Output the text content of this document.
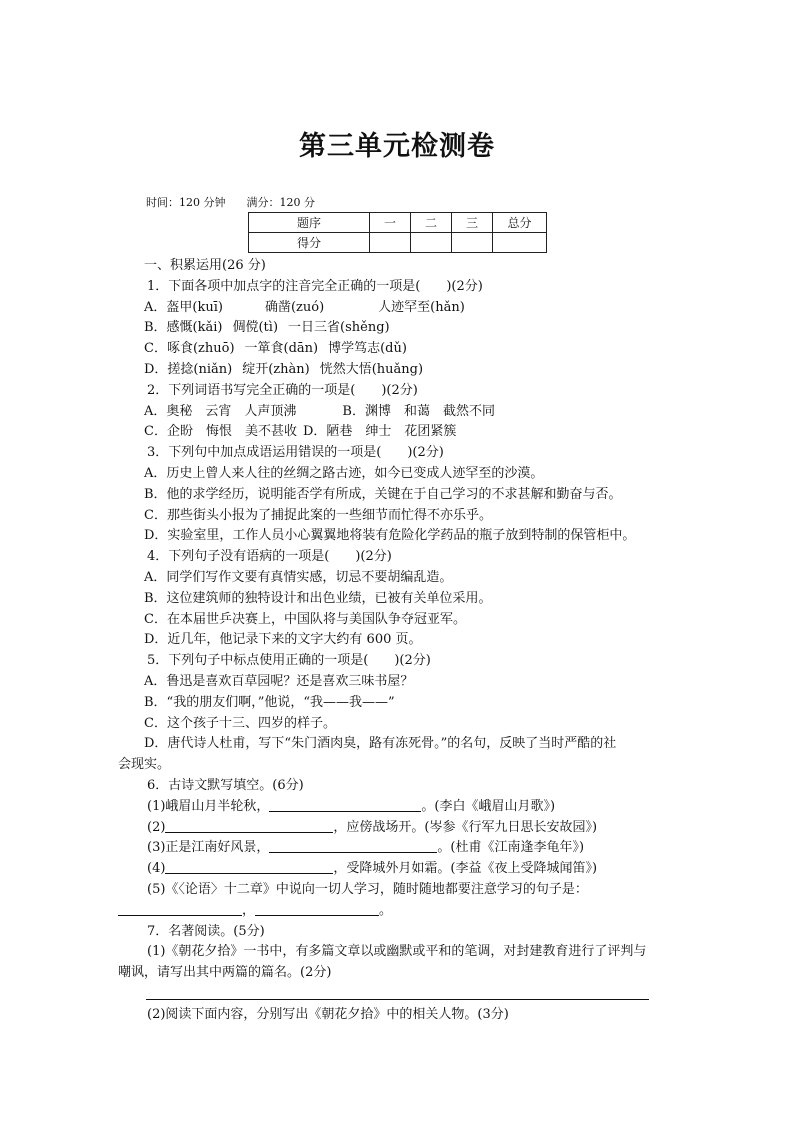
第三单元检测卷
时间：120 分钟 满分：120 分
题序	一	二	三	总分
得分				
一、积累运用(26 分)
1．下面各项中加点字的注音完全正确的一项是(　　)(2分)
A．盔甲(kuī)	确凿(zuó)	人迹罕至(hǎn)
B．感慨(kǎi) 倜傥(tì) 一日三省(shěng)
C．啄食(zhuō) 一箪食(dān) 博学笃志(dǔ)
D．搓捻(niǎn) 绽开(zhàn) 恍然大悟(huǎng)
2．下列词语书写完全正确的一项是(　　)(2分)
A．奥秘　云宵　人声顶沸	B．渊博　和蔼　截然不同
C．企盼　悔恨　美不甚收 D．陋巷　绅士　花团紧簇
3．下列句中加点成语运用错误的一项是(　　)(2分)
A．历史上曾人来人往的丝绸之路古迹，如今已变成人迹罕至的沙漠。
B．他的求学经历，说明能否学有所成，关键在于自己学习的不求甚解和勤奋与否。
C．那些街头小报为了捕捉此案的一些细节而忙得不亦乐乎。
D．实验室里，工作人员小心翼翼地将装有危险化学药品的瓶子放到特制的保管柜中。
4．下列句子没有语病的一项是(　　)(2分)
A．同学们写作文要有真情实感，切忌不要胡编乱造。
B．这位建筑师的独特设计和出色业绩，已被有关单位采用。
C．在本届世乒决赛上，中国队将与美国队争夺冠亚军。
D．近几年，他记录下来的文字大约有 600 页。
5．下列句子中标点使用正确的一项是(　　)(2分)
A．鲁迅是喜欢百草园呢？还是喜欢三味书屋？
B．“我的朋友们啊，”他说，“我——我——”
C．这个孩子十三、四岁的样子。
D．唐代诗人杜甫，写下“朱门酒肉臭，路有冻死骨。”的名句，反映了当时严酷的社
会现实。
6．古诗文默写填空。(6分)
(1)峨眉山月半轮秋，	。(李白《峨眉山月歌》)
(2)	，应傍战场开。(岑参《行军九日思长安故园》)
(3)正是江南好风景，	。(杜甫《江南逢李龟年》)
(4)	，受降城外月如霜。(李益《夜上受降城闻笛》)
(5)《〈论语〉十二章》中说向一切人学习，随时随地都要注意学习的句子是：
，	。
7．名著阅读。(5分)
(1)《朝花夕拾》一书中，有多篇文章以或幽默或平和的笔调，对封建教育进行了评判与
嘲讽，请写出其中两篇的篇名。(2分)
(2)阅读下面内容，分别写出《朝花夕拾》中的相关人物。(3分)
